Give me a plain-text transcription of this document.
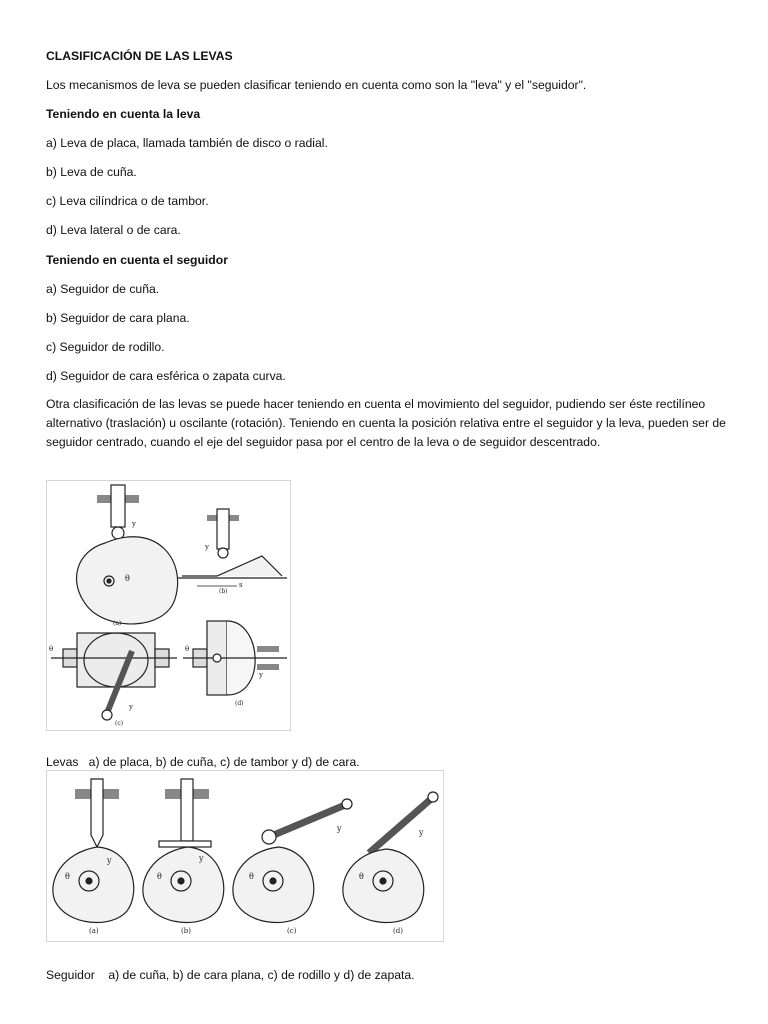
CLASIFICACIÓN DE LAS LEVAS

Los mecanismos de leva se pueden clasificar teniendo en cuenta como son la "leva" y el "seguidor".

Teniendo en cuenta la leva

a) Leva de placa, llamada también de disco o radial.

b) Leva de cuña.

c) Leva cilíndrica o de tambor.

d) Leva lateral o de cara.

Teniendo en cuenta el seguidor

a) Seguidor de cuña.

b) Seguidor de cara plana.

c) Seguidor de rodillo.

d) Seguidor de cara esférica o zapata curva.

Otra clasificación de las levas se puede hacer teniendo en cuenta el movimiento del seguidor, pudiendo ser éste rectilíneo alternativo (traslación) u oscilante (rotación). Teniendo en cuenta la posición relativa entre el seguidor y la leva, pueden ser de seguidor centrado, cuando el eje del seguidor pasa por el centro de la leva o de seguidor descentrado.

θ
y
(a)
s
y
(b)
θ
y
(c)
θ
y
(d)

Levas   a) de placa, b) de cuña, c) de tambor y d) de cara.

θ
y
(a)
θ
y
(b)
θ
y
(c)
θ
y
(d)

Seguidor    a) de cuña, b) de cara plana, c) de rodillo y d) de zapata.
